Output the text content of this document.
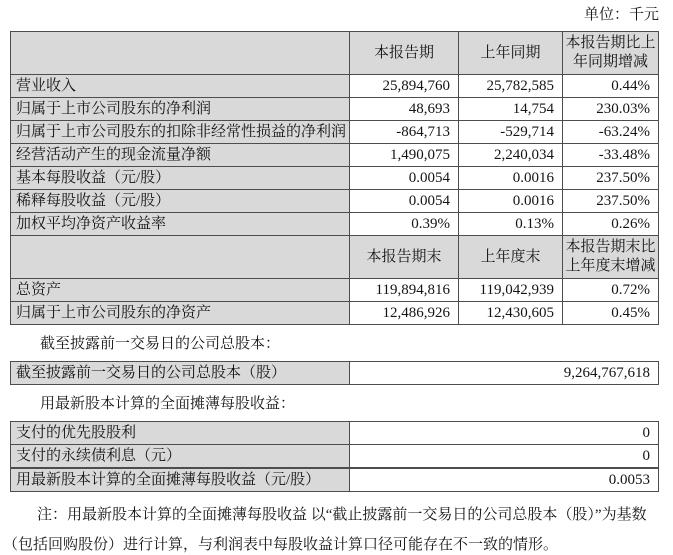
单位：千元
	本报告期	上年同期	本报告期比上年同期增减
营业收入	25,894,760	25,782,585	0.44%
归属于上市公司股东的净利润	48,693	14,754	230.03%
归属于上市公司股东的扣除非经常性损益的净利润	-864,713	-529,714	-63.24%
经营活动产生的现金流量净额	1,490,075	2,240,034	-33.48%
基本每股收益（元/股）	0.0054	0.0016	237.50%
稀释每股收益（元/股）	0.0054	0.0016	237.50%
加权平均净资产收益率	0.39%	0.13%	0.26%
	本报告期末	上年度末	本报告期末比上年度末增减
总资产	119,894,816	119,042,939	0.72%
归属于上市公司股东的净资产	12,486,926	12,430,605	0.45%
截至披露前一交易日的公司总股本：
截至披露前一交易日的公司总股本（股）	9,264,767,618
用最新股本计算的全面摊薄每股收益：
支付的优先股股利	0
支付的永续债利息（元）	0
用最新股本计算的全面摊薄每股收益（元/股）	0.0053
注：用最新股本计算的全面摊薄每股收益 以“截止披露前一交易日的公司总股本（股）”为基数
（包括回购股份）进行计算，与利润表中每股收益计算口径可能存在不一致的情形。
